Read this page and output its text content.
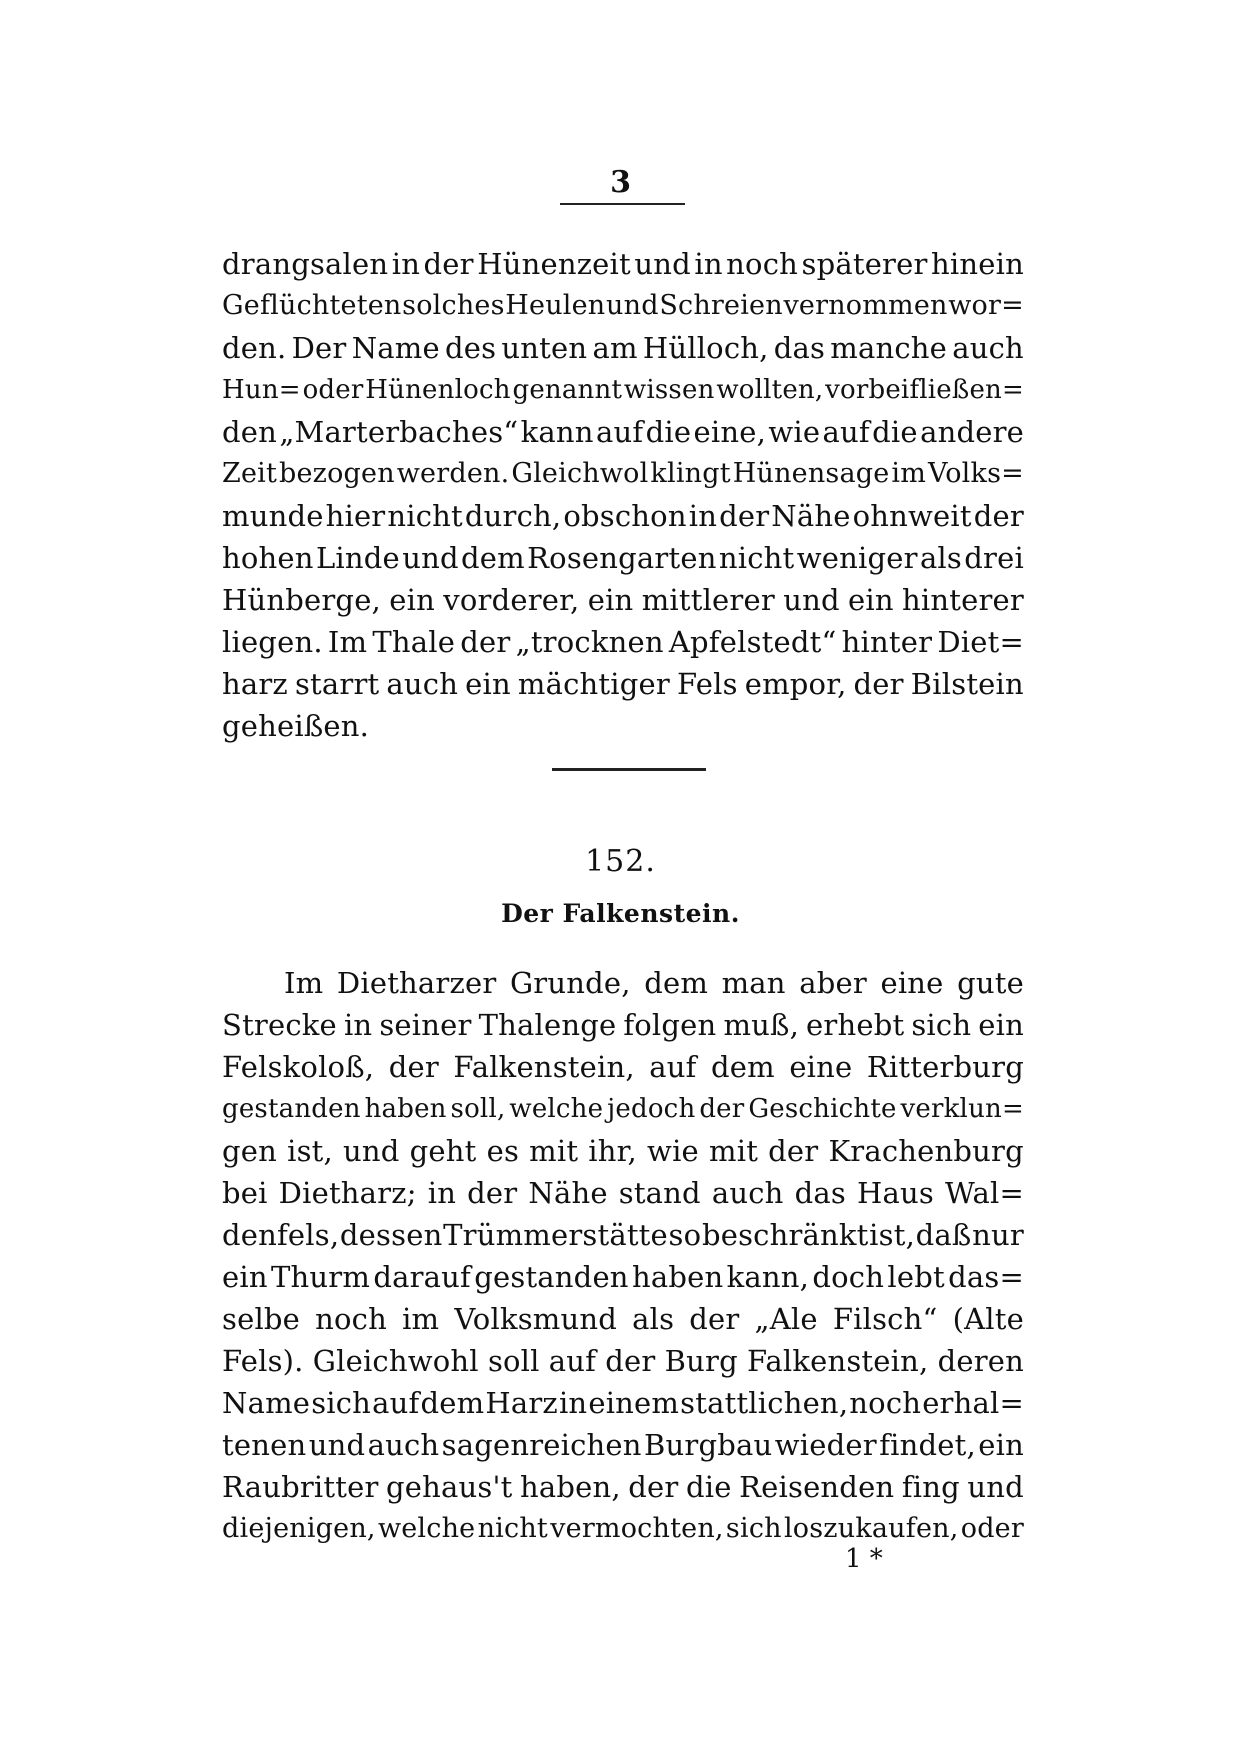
3
drangsalen in der Hünenzeit und in noch späterer hinein
Geflüchteten solches Heulen und Schreien vernommen wor=
den. Der Name des unten am Hülloch, das manche auch
Hun= oder Hünenloch genannt wissen wollten, vorbeifließen=
den „Marterbaches“ kann auf die eine, wie auf die andere
Zeit bezogen werden. Gleichwol klingt Hünensage im Volks=
munde hier nicht durch, obschon in der Nähe ohnweit der
hohen Linde und dem Rosengarten nicht weniger als drei
Hünberge, ein vorderer, ein mittlerer und ein hinterer
liegen. Im Thale der „trocknen Apfelstedt“ hinter Diet=
harz starrt auch ein mächtiger Fels empor, der Bilstein
geheißen.
152.
Der Falkenstein.
Im Dietharzer Grunde, dem man aber eine gute
Strecke in seiner Thalenge folgen muß, erhebt sich ein
Felskoloß, der Falkenstein, auf dem eine Ritterburg
gestanden haben soll, welche jedoch der Geschichte verklun=
gen ist, und geht es mit ihr, wie mit der Krachenburg
bei Dietharz; in der Nähe stand auch das Haus Wal=
denfels, dessen Trümmerstätte so beschränkt ist, daß nur
ein Thurm darauf gestanden haben kann, doch lebt das=
selbe noch im Volksmund als der „Ale Filsch“ (Alte
Fels). Gleichwohl soll auf der Burg Falkenstein, deren
Name sich auf dem Harz in einem stattlichen, noch erhal=
tenen und auch sagenreichen Burgbau wieder findet, ein
Raubritter gehaus't haben, der die Reisenden fing und
diejenigen, welche nicht vermochten, sich loszukaufen, oder
1 *
